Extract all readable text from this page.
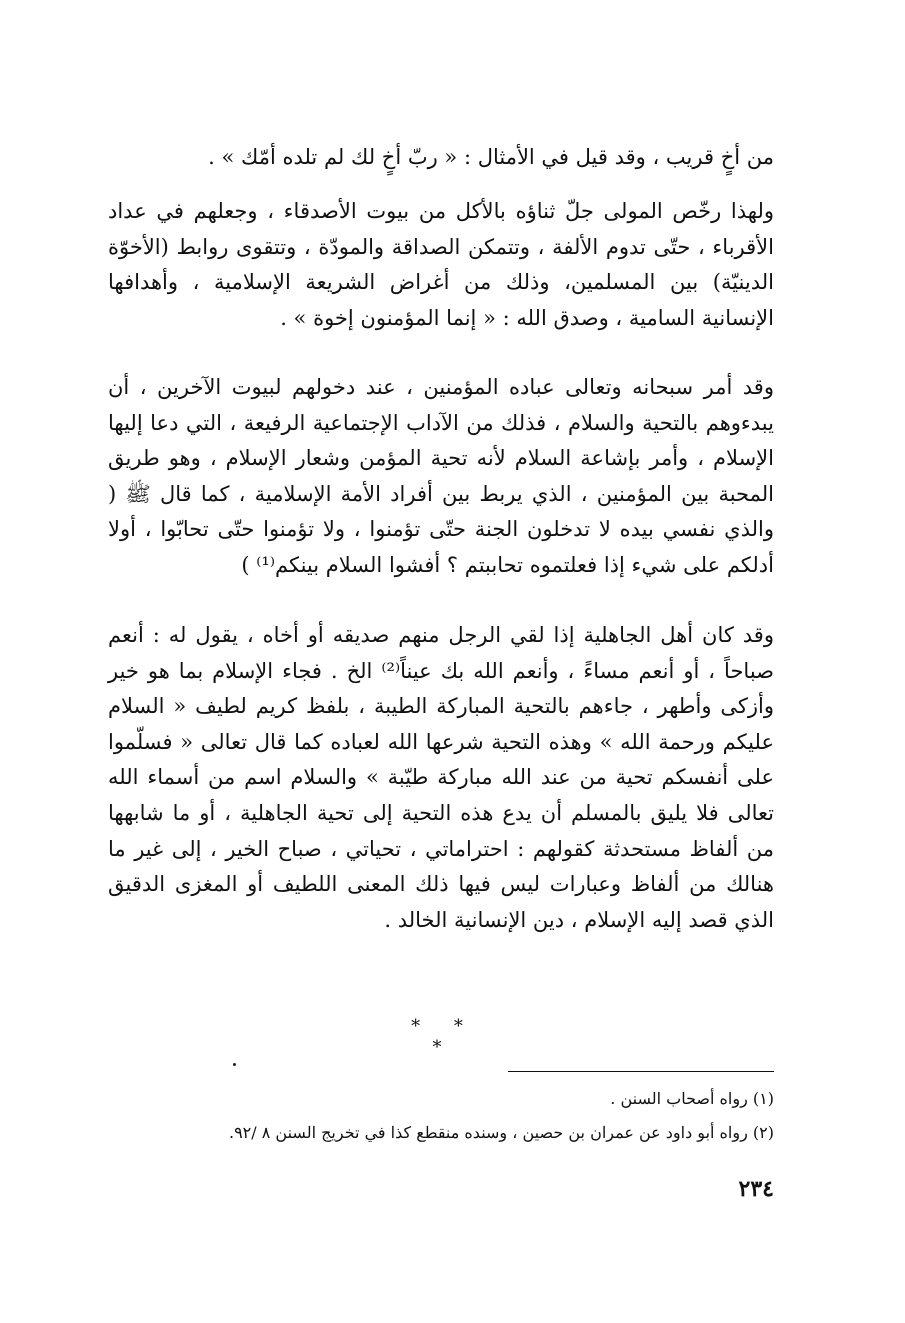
من أخٍ قريب ، وقد قيل في الأمثال : « ربّ أخٍ لك لم تلده أمّك » .

ولهذا رخّص المولى جلّ ثناؤه بالأكل من بيوت الأصدقاء ، وجعلهم في عداد الأقرباء ، حتّى تدوم الألفة ، وتتمكن الصداقة والمودّة ، وتتقوى روابط (الأخوّة الدينيّة) بين المسلمين، وذلك من أغراض الشريعة الإسلامية ، وأهدافها الإنسانية السامية ، وصدق الله : « إنما المؤمنون إخوة » .

وقد أمر سبحانه وتعالى عباده المؤمنين ، عند دخولهم لبيوت الآخرين ، أن يبدءوهم بالتحية والسلام ، فذلك من الآداب الإجتماعية الرفيعة ، التي دعا إليها الإسلام ، وأمر بإشاعة السلام لأنه تحية المؤمن وشعار الإسلام ، وهو طريق المحبة بين المؤمنين ، الذي يربط بين أفراد الأمة الإسلامية ، كما قال ﷺ ( والذي نفسي بيده لا تدخلون الجنة حتّى تؤمنوا ، ولا تؤمنوا حتّى تحابّوا ، أولا أدلكم على شيء إذا فعلتموه تحاببتم ؟ أفشوا السلام بينكم⁽¹⁾ )

وقد كان أهل الجاهلية إذا لقي الرجل منهم صديقه أو أخاه ، يقول له : أنعم صباحاً ، أو أنعم مساءً ، وأنعم الله بك عيناً⁽²⁾ الخ . فجاء الإسلام بما هو خير وأزكى وأطهر ، جاءهم بالتحية المباركة الطيبة ، بلفظ كريم لطيف « السلام عليكم ورحمة الله » وهذه التحية شرعها الله لعباده كما قال تعالى « فسلّموا على أنفسكم تحية من عند الله مباركة طيّبة » والسلام اسم من أسماء الله تعالى فلا يليق بالمسلم أن يدع هذه التحية إلى تحية الجاهلية ، أو ما شابهها من ألفاظ مستحدثة كقولهم : احتراماتي ، تحياتي ، صباح الخير ، إلى غير ما هنالك من ألفاظ وعبارات ليس فيها ذلك المعنى اللطيف أو المغزى الدقيق الذي قصد إليه الإسلام ، دين الإنسانية الخالد .

* * *

(١) رواه أصحاب السنن .

(٢) رواه أبو داود عن عمران بن حصين ، وسنده منقطع كذا في تخريج السنن ٨ /٩٢.

٢٣٤
